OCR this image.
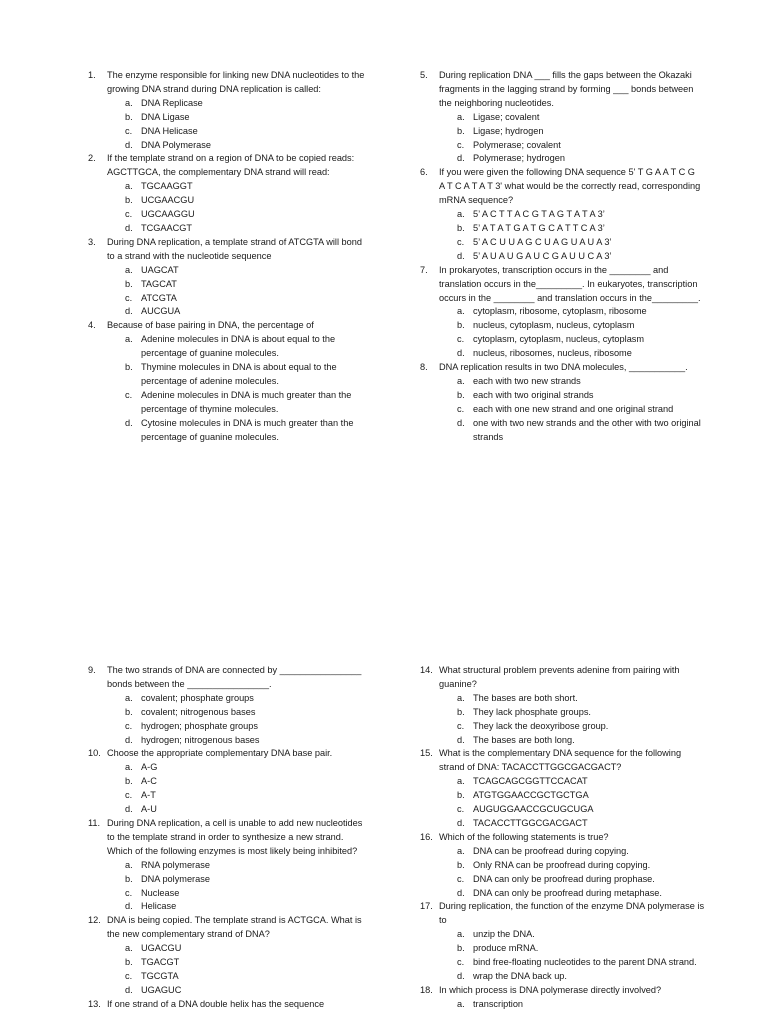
1. The enzyme responsible for linking new DNA nucleotides to the growing DNA strand during DNA replication is called:
a. DNA Replicase
b. DNA Ligase
c. DNA Helicase
d. DNA Polymerase
2. If the template strand on a region of DNA to be copied reads: AGCTTGCA, the complementary DNA strand will read:
a. TGCAAGGT
b. UCGAACGU
c. UGCAAGGU
d. TCGAACGT
3. During DNA replication, a template strand of ATCGTA will bond to a strand with the nucleotide sequence
a. UAGCAT
b. TAGCAT
c. ATCGTA
d. AUCGUA
4. Because of base pairing in DNA, the percentage of
a. Adenine molecules in DNA is about equal to the percentage of guanine molecules.
b. Thymine molecules in DNA is about equal to the percentage of adenine molecules.
c. Adenine molecules in DNA is much greater than the percentage of thymine molecules.
d. Cytosine molecules in DNA is much greater than the percentage of guanine molecules.
5. During replication DNA ___ fills the gaps between the Okazaki fragments in the lagging strand by forming ___ bonds between the neighboring nucleotides.
a. Ligase; covalent
b. Ligase; hydrogen
c. Polymerase; covalent
d. Polymerase; hydrogen
6. If you were given the following DNA sequence 5' T G A A T C G A T C A T A T 3' what would be the correctly read, corresponding mRNA sequence?
a. 5’ A C T T A C G T A G T A T A 3’
b. 5’ A T A T G A T G C A T T C A 3’
c. 5’ A C U U A G C U A G U A U A 3’
d. 5’ A U A U G A U C G A U U C A 3’
7. In prokaryotes, transcription occurs in the ________ and translation occurs in the_________. In eukaryotes, transcription occurs in the ________ and translation occurs in the_________.
a. cytoplasm, ribosome, cytoplasm, ribosome
b. nucleus, cytoplasm, nucleus, cytoplasm
c. cytoplasm, cytoplasm, nucleus, cytoplasm
d. nucleus, ribosomes, nucleus, ribosome
8. DNA replication results in two DNA molecules, ___________.
a. each with two new strands
b. each with two original strands
c. each with one new strand and one original strand
d. one with two new strands and the other with two original strands
9. The two strands of DNA are connected by ________________ bonds between the ________________.
a. covalent; phosphate groups
b. covalent; nitrogenous bases
c. hydrogen; phosphate groups
d. hydrogen; nitrogenous bases
10. Choose the appropriate complementary DNA base pair.
a. A-G
b. A-C
c. A-T
d. A-U
11. During DNA replication, a cell is unable to add new nucleotides to the template strand in order to synthesize a new strand. Which of the following enzymes is most likely being inhibited?
a. RNA polymerase
b. DNA polymerase
c. Nuclease
d. Helicase
12. DNA is being copied. The template strand is ACTGCA. What is the new complementary strand of DNA?
a. UGACGU
b. TGACGT
c. TGCGTA
d. UGAGUC
13. If one strand of a DNA double helix has the sequence
14. What structural problem prevents adenine from pairing with guanine?
a. The bases are both short.
b. They lack phosphate groups.
c. They lack the deoxyribose group.
d. The bases are both long.
15. What is the complementary DNA sequence for the following strand of DNA: TACACCTTGGCGACGACT?
a. TCAGCAGCGGTTCCACAT
b. ATGTGGAACCGCTGCTGA
c. AUGUGGAACCGCUGCUGA
d. TACACCTTGGCGACGACT
16. Which of the following statements is true?
a. DNA can be proofread during copying.
b. Only RNA can be proofread during copying.
c. DNA can only be proofread during prophase.
d. DNA can only be proofread during metaphase.
17. During replication, the function of the enzyme DNA polymerase is to
a. unzip the DNA.
b. produce mRNA.
c. bind free-floating nucleotides to the parent DNA strand.
d. wrap the DNA back up.
18. In which process is DNA polymerase directly involved?
a. transcription
